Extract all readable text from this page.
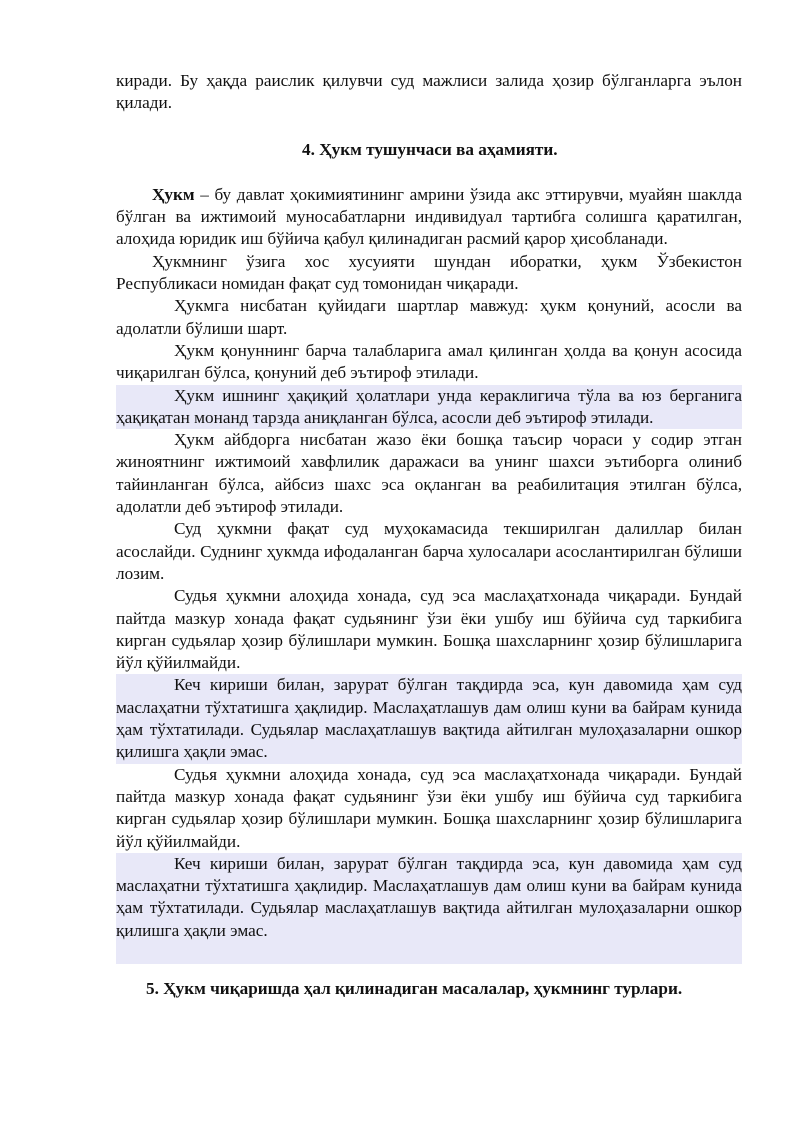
киради. Бу ҳақда раислик қилувчи суд мажлиси залида ҳозир бўлганларга эълон қилади.

4. Ҳукм тушунчаси ва аҳамияти.

Ҳукм – бу давлат ҳокимиятининг амрини ўзида акс эттирувчи, муайян шаклда бўлган ва ижтимоий муносабатларни индивидуал тартибга солишга қаратилган, алоҳида юридик иш бўйича қабул қилинадиган расмий қарор ҳисобланади.

Ҳукмнинг ўзига хос хусуияти шундан иборатки, ҳукм Ўзбекистон Республикаси номидан фақат суд томонидан чиқаради.

Ҳукмга нисбатан қуйидаги шартлар мавжуд: ҳукм қонуний, асосли ва адолатли бўлиши шарт.

Ҳукм қонуннинг барча талабларига амал қилинган ҳолда ва қонун асосида чиқарилган бўлса, қонуний деб эътироф этилади.

Ҳукм ишнинг ҳақиқий ҳолатлари унда кераклигича тўла ва юз берганига ҳақиқатан монанд тарзда аниқланган бўлса, асосли деб эътироф этилади.

Ҳукм айбдорга нисбатан жазо ёки бошқа таъсир чораси у содир этган жиноятнинг ижтимоий хавфлилик даражаси ва унинг шахси эътиборга олиниб тайинланган бўлса, айбсиз шахс эса оқланган ва реабилитация этилган бўлса, адолатли деб эътироф этилади.

Суд ҳукмни фақат суд муҳокамасида текширилган далиллар билан асослайди. Суднинг ҳукмда ифодаланган барча хулосалари асослантирилган бўлиши лозим.

Судья ҳукмни алоҳида хонада, суд эса маслаҳатхонада чиқаради. Бундай пайтда мазкур хонада фақат судьянинг ўзи ёки ушбу иш бўйича суд таркибига кирган судьялар ҳозир бўлишлари мумкин. Бошқа шахсларнинг ҳозир бўлишларига йўл қўйилмайди.

Кеч кириши билан, зарурат бўлган тақдирда эса, кун давомида ҳам суд маслаҳатни тўхтатишга ҳақлидир. Маслаҳатлашув дам олиш куни ва байрам кунида ҳам тўхтатилади. Судьялар маслаҳатлашув вақтида айтилган мулоҳазаларни ошкор қилишга ҳақли эмас.

Судья ҳукмни алоҳида хонада, суд эса маслаҳатхонада чиқаради. Бундай пайтда мазкур хонада фақат судьянинг ўзи ёки ушбу иш бўйича суд таркибига кирган судьялар ҳозир бўлишлари мумкин. Бошқа шахсларнинг ҳозир бўлишларига йўл қўйилмайди.

Кеч кириши билан, зарурат бўлган тақдирда эса, кун давомида ҳам суд маслаҳатни тўхтатишга ҳақлидир. Маслаҳатлашув дам олиш куни ва байрам кунида ҳам тўхтатилади. Судьялар маслаҳатлашув вақтида айтилган мулоҳазаларни ошкор қилишга ҳақли эмас.

5. Ҳукм чиқаришда ҳал қилинадиган масалалар, ҳукмнинг турлари.
